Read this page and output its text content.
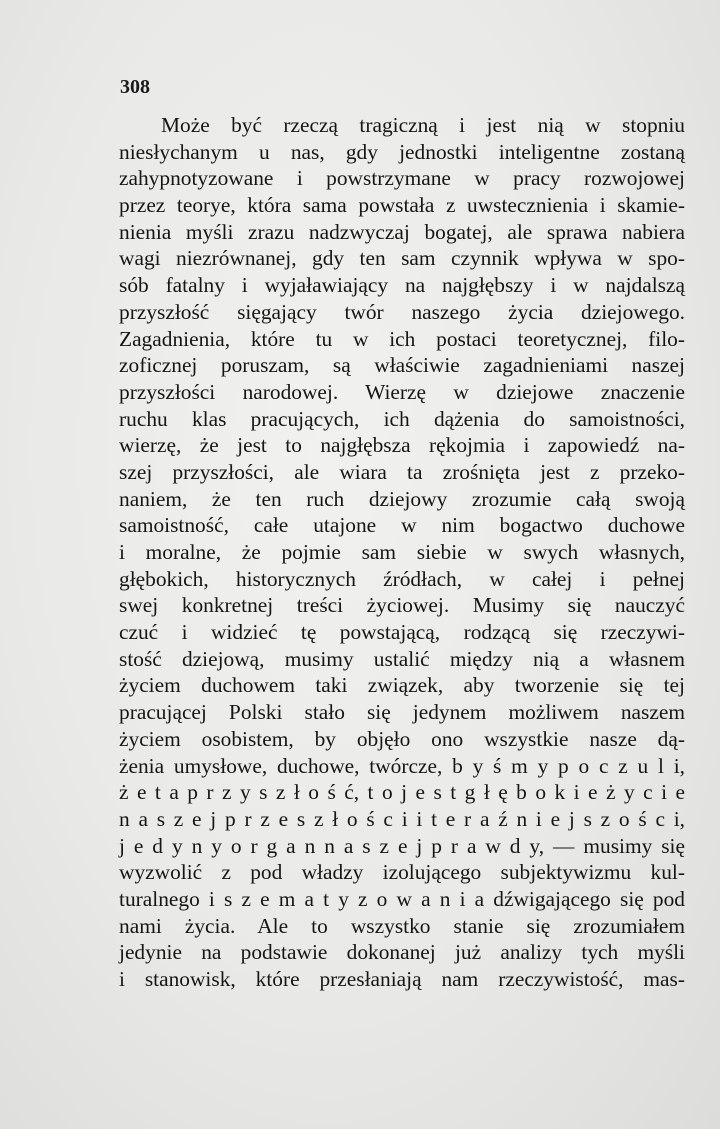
308
Może być rzeczą tragiczną i jest nią w stopniu
niesłychanym u nas, gdy jednostki inteligentne zostaną
zahypnotyzowane i powstrzymane w pracy rozwojowej
przez teorye, która sama powstała z uwstecznienia i skamie-
nienia myśli zrazu nadzwyczaj bogatej, ale sprawa nabiera
wagi niezrównanej, gdy ten sam czynnik wpływa w spo-
sób fatalny i wyjaławiający na najgłębszy i w najdalszą
przyszłość sięgający twór naszego życia dziejowego.
Zagadnienia, które tu w ich postaci teoretycznej, filo-
zoficznej poruszam, są właściwie zagadnieniami naszej
przyszłości narodowej. Wierzę w dziejowe znaczenie
ruchu klas pracujących, ich dążenia do samoistności,
wierzę, że jest to najgłębsza rękojmia i zapowiedź na-
szej przyszłości, ale wiara ta zrośnięta jest z przeko-
naniem, że ten ruch dziejowy zrozumie całą swoją
samoistność, całe utajone w nim bogactwo duchowe
i moralne, że pojmie sam siebie w swych własnych,
głębokich, historycznych źródłach, w całej i pełnej
swej konkretnej treści życiowej. Musimy się nauczyć
czuć i widzieć tę powstającą, rodzącą się rzeczywi-
stość dziejową, musimy ustalić między nią a własnem
życiem duchowem taki związek, aby tworzenie się tej
pracującej Polski stało się jedynem możliwem naszem
życiem osobistem, by objęło ono wszystkie nasze dą-
żenia umysłowe, duchowe, twórcze, b y ś m y p o c z u l i,
ż e t a p r z y s z ł o ś ć, t o j e s t g ł ę b o k i e ż y c i e
n a s z e j p r z e s z ł o ś c i i t e r a ź n i e j s z o ś c i,
j e d y n y o r g a n n a s z e j p r a w d y, — musimy się
wyzwolić z pod władzy izolującego subjektywizmu kul-
turalnego i s z e m a t y z o w a n i a dźwigającego się pod
nami życia. Ale to wszystko stanie się zrozumiałem
jedynie na podstawie dokonanej już analizy tych myśli
i stanowisk, które przesłaniają nam rzeczywistość, mas-
